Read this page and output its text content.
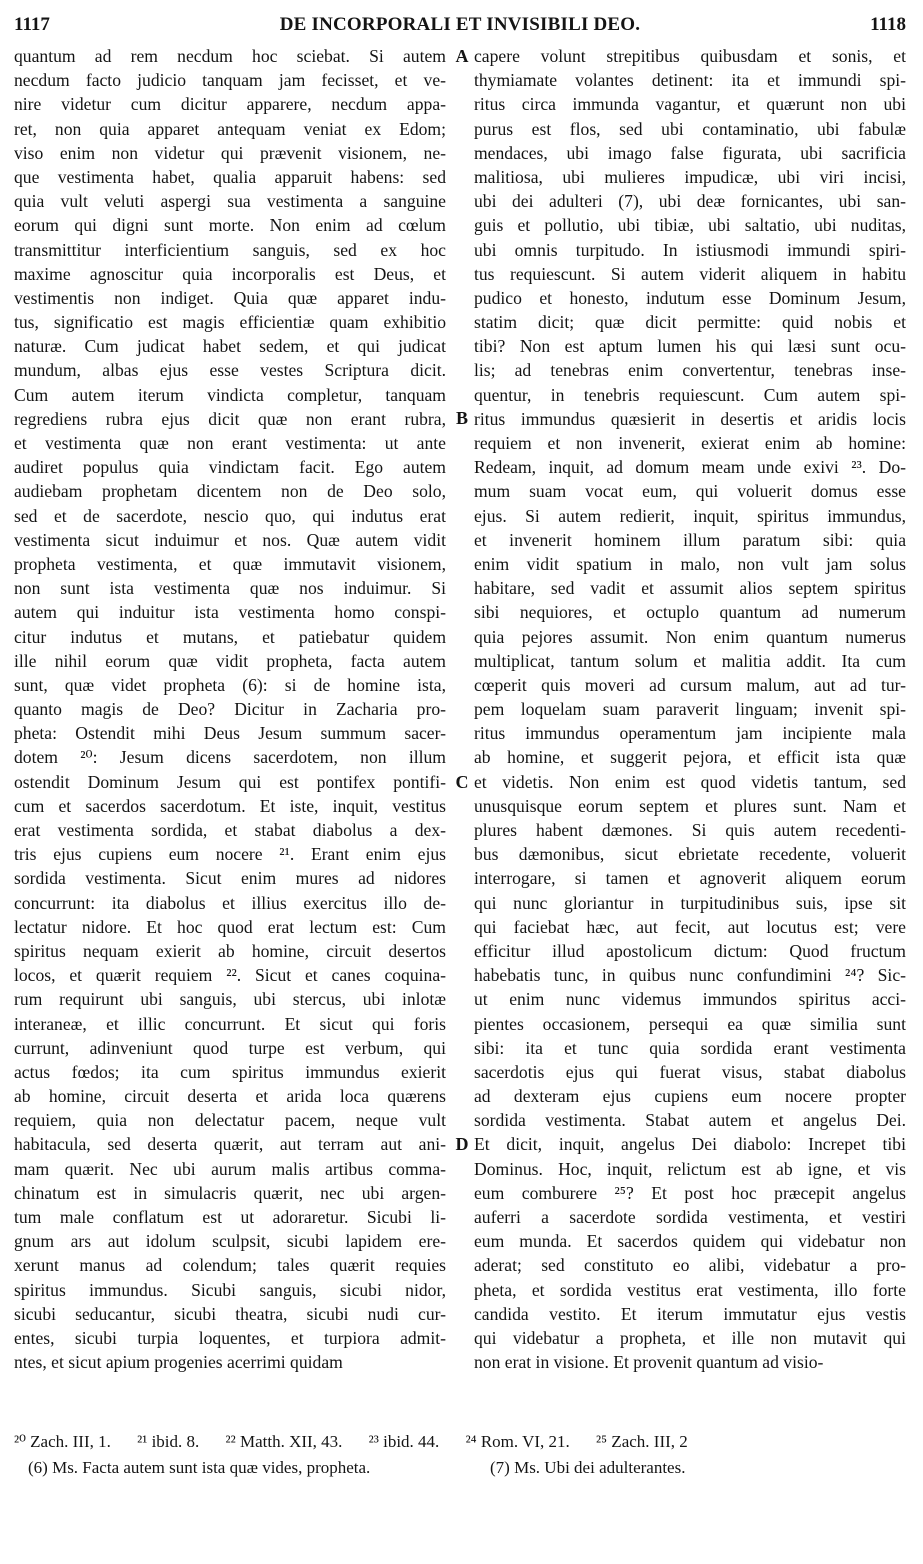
1117	DE INCORPORALI ET INVISIBILI DEO.	1118
quantum ad rem necdum hoc sciebat. Si autem
necdum facto judicio tanquam jam fecisset, et ve-
nire videtur cum dicitur apparere, necdum appa-
ret, non quia apparet antequam veniat ex Edom;
viso enim non videtur qui prævenit visionem, ne-
que vestimenta habet, qualia apparuit habens: sed
quia vult veluti aspergi sua vestimenta a sanguine
eorum qui digni sunt morte. Non enim ad cœlum
transmittitur interficientium sanguis, sed ex hoc
maxime agnoscitur quia incorporalis est Deus, et
vestimentis non indiget. Quia quæ apparet indu-
tus, significatio est magis efficientiæ quam exhibitio
naturæ. Cum judicat habet sedem, et qui judicat
mundum, albas ejus esse vestes Scriptura dicit.
Cum autem iterum vindicta completur, tanquam
regrediens rubra ejus dicit quæ non erant rubra,
et vestimenta quæ non erant vestimenta: ut ante
audiret populus quia vindictam facit. Ego autem
audiebam prophetam dicentem non de Deo solo,
sed et de sacerdote, nescio quo, qui indutus erat
vestimenta sicut induimur et nos. Quæ autem vidit
propheta vestimenta, et quæ immutavit visionem,
non sunt ista vestimenta quæ nos induimur. Si
autem qui induitur ista vestimenta homo conspi-
citur indutus et mutans, et patiebatur quidem
ille nihil eorum quæ vidit propheta, facta autem
sunt, quæ videt propheta (6): si de homine ista,
quanto magis de Deo? Dicitur in Zacharia pro-
pheta: Ostendit mihi Deus Jesum summum sacer-
dotem ²⁰: Jesum dicens sacerdotem, non illum
ostendit Dominum Jesum qui est pontifex pontifi-
cum et sacerdos sacerdotum. Et iste, inquit, vestitus
erat vestimenta sordida, et stabat diabolus a dex-
tris ejus cupiens eum nocere ²¹. Erant enim ejus
sordida vestimenta. Sicut enim mures ad nidores
concurrunt: ita diabolus et illius exercitus illo de-
lectatur nidore. Et hoc quod erat lectum est: Cum
spiritus nequam exierit ab homine, circuit desertos
locos, et quærit requiem ²². Sicut et canes coquina-
rum requirunt ubi sanguis, ubi stercus, ubi inlotæ
interaneæ, et illic concurrunt. Et sicut qui foris
currunt, adinveniunt quod turpe est verbum, qui
actus fœdos; ita cum spiritus immundus exierit
ab homine, circuit deserta et arida loca quærens
requiem, quia non delectatur pacem, neque vult
habitacula, sed deserta quærit, aut terram aut ani-
mam quærit. Nec ubi aurum malis artibus comma-
chinatum est in simulacris quærit, nec ubi argen-
tum male conflatum est ut adoraretur. Sicubi li-
gnum ars aut idolum sculpsit, sicubi lapidem ere-
xerunt manus ad colendum; tales quærit requies
spiritus immundus. Sicubi sanguis, sicubi nidor,
sicubi seducantur, sicubi theatra, sicubi nudi cur-
entes, sicubi turpia loquentes, et turpiora admit-
ntes, et sicut apium progenies acerrimi quidam
capere volunt strepitibus quibusdam et sonis, et
thymiamate volantes detinent: ita et immundi spi-
ritus circa immunda vagantur, et quærunt non ubi
purus est flos, sed ubi contaminatio, ubi fabulæ
mendaces, ubi imago false figurata, ubi sacrificia
malitiosa, ubi mulieres impudicæ, ubi viri incisi,
ubi dei adulteri (7), ubi deæ fornicantes, ubi san-
guis et pollutio, ubi tibiæ, ubi saltatio, ubi nuditas,
ubi omnis turpitudo. In istiusmodi immundi spiri-
tus requiescunt. Si autem viderit aliquem in habitu
pudico et honesto, indutum esse Dominum Jesum,
statim dicit; quæ dicit permitte: quid nobis et
tibi? Non est aptum lumen his qui læsi sunt ocu-
lis; ad tenebras enim convertentur, tenebras inse-
quentur, in tenebris requiescunt. Cum autem spi-
ritus immundus quæsierit in desertis et aridis locis
requiem et non invenerit, exierat enim ab homine:
Redeam, inquit, ad domum meam unde exivi ²³. Do-
mum suam vocat eum, qui voluerit domus esse
ejus. Si autem redierit, inquit, spiritus immundus,
et invenerit hominem illum paratum sibi: quia
enim vidit spatium in malo, non vult jam solus
habitare, sed vadit et assumit alios septem spiritus
sibi nequiores, et octuplo quantum ad numerum
quia pejores assumit. Non enim quantum numerus
multiplicat, tantum solum et malitia addit. Ita cum
cœperit quis moveri ad cursum malum, aut ad tur-
pem loquelam suam paraverit linguam; invenit spi-
ritus immundus operamentum jam incipiente mala
ab homine, et suggerit pejora, et efficit ista quæ
et videtis. Non enim est quod videtis tantum, sed
unusquisque eorum septem et plures sunt. Nam et
plures habent dæmones. Si quis autem recedenti-
bus dæmonibus, sicut ebrietate recedente, voluerit
interrogare, si tamen et agnoverit aliquem eorum
qui nunc gloriantur in turpitudinibus suis, ipse sit
qui faciebat hæc, aut fecit, aut locutus est; vere
efficitur illud apostolicum dictum: Quod fructum
habebatis tunc, in quibus nunc confundimini ²⁴? Sic-
ut enim nunc videmus immundos spiritus acci-
pientes occasionem, persequi ea quæ similia sunt
sibi: ita et tunc quia sordida erant vestimenta
sacerdotis ejus qui fuerat visus, stabat diabolus
ad dexteram ejus cupiens eum nocere propter
sordida vestimenta. Stabat autem et angelus Dei.
Et dicit, inquit, angelus Dei diabolo: Increpet tibi
Dominus. Hoc, inquit, relictum est ab igne, et vis
eum comburere ²⁵? Et post hoc præcepit angelus
auferri a sacerdote sordida vestimenta, et vestiri
eum munda. Et sacerdos quidem qui videbatur non
aderat; sed constituto eo alibi, videbatur a pro-
pheta, et sordida vestitus erat vestimenta, illo forte
candida vestito. Et iterum immutatur ejus vestis
qui videbatur a propheta, et ille non mutavit qui
non erat in visione. Et provenit quantum ad visio-
A
B
C
D
²⁰ Zach. III, 1. ²¹ ibid. 8. ²² Matth. XII, 43. ²³ ibid. 44. ²⁴ Rom. VI, 21. ²⁵ Zach. III, 2
(6) Ms. Facta autem sunt ista quæ vides, propheta.	(7) Ms. Ubi dei adulterantes.
